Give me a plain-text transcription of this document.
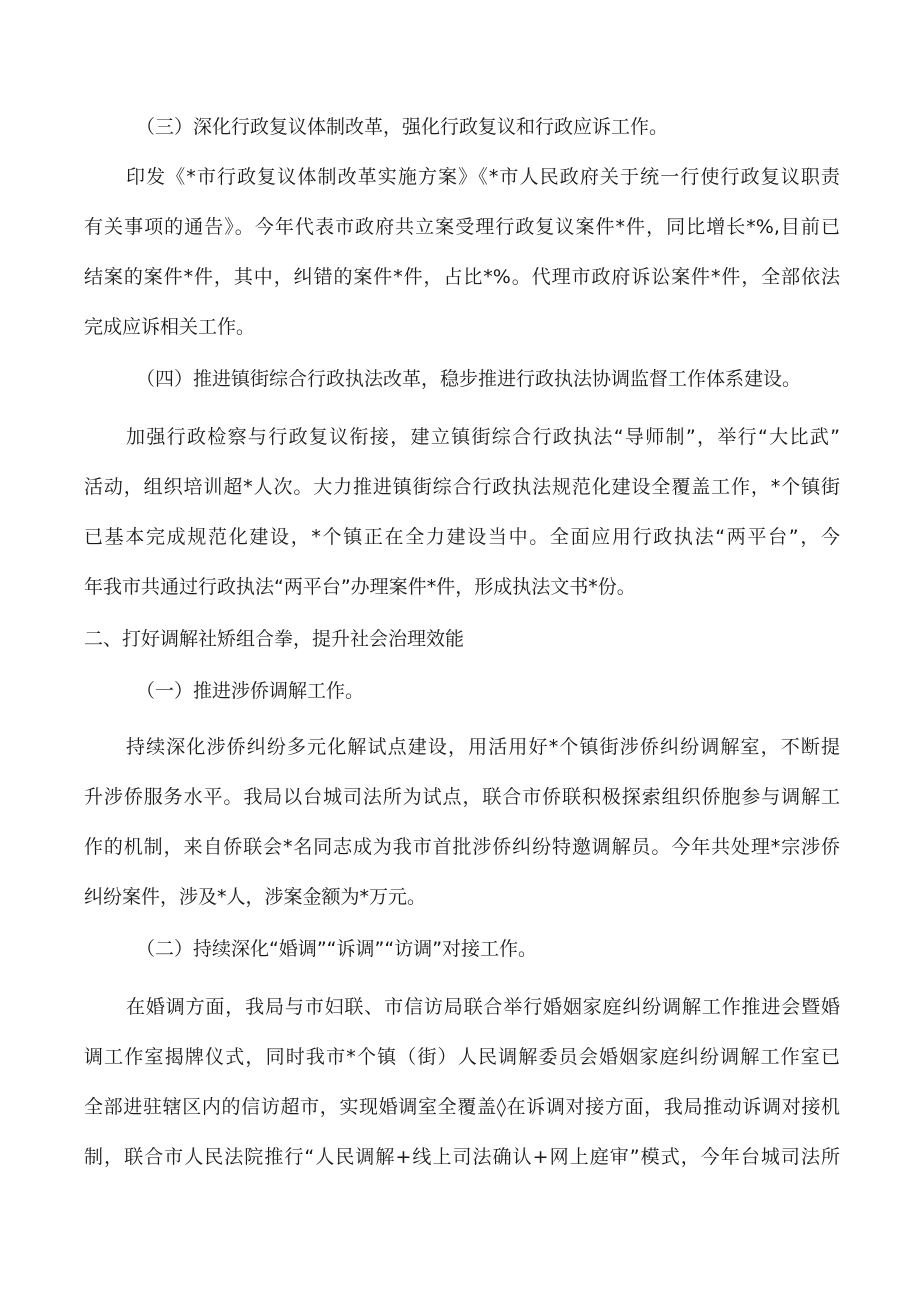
（三）深化行政复议体制改革，强化行政复议和行政应诉工作。
印发《*市行政复议体制改革实施方案》《*市人民政府关于统一行使行政复议职责
有关事项的通告》。今年代表市政府共立案受理行政复议案件*件，同比增长*%,目前已
结案的案件*件，其中，纠错的案件*件，占比*%。代理市政府诉讼案件*件，全部依法
完成应诉相关工作。
（四）推进镇街综合行政执法改革，稳步推进行政执法协调监督工作体系建设。
加强行政检察与行政复议衔接，建立镇街综合行政执法“导师制”，举行“大比武”
活动，组织培训超*人次。大力推进镇街综合行政执法规范化建设全覆盖工作，*个镇街
已基本完成规范化建设，*个镇正在全力建设当中。全面应用行政执法“两平台”，今
年我市共通过行政执法“两平台”办理案件*件，形成执法文书*份。
二、打好调解社矫组合拳，提升社会治理效能
（一）推进涉侨调解工作。
持续深化涉侨纠纷多元化解试点建设，用活用好*个镇街涉侨纠纷调解室，不断提
升涉侨服务水平。我局以台城司法所为试点，联合市侨联积极探索组织侨胞参与调解工
作的机制，来自侨联会*名同志成为我市首批涉侨纠纷特邀调解员。今年共处理*宗涉侨
纠纷案件，涉及*人，涉案金额为*万元。
（二）持续深化“婚调”“诉调”“访调”对接工作。
在婚调方面，我局与市妇联、市信访局联合举行婚姻家庭纠纷调解工作推进会暨婚
调工作室揭牌仪式，同时我市*个镇（街）人民调解委员会婚姻家庭纠纷调解工作室已
全部进驻辖区内的信访超市，实现婚调室全覆盖◊在诉调对接方面，我局推动诉调对接机
制，联合市人民法院推行“人民调解+线上司法确认+网上庭审”模式，今年台城司法所
